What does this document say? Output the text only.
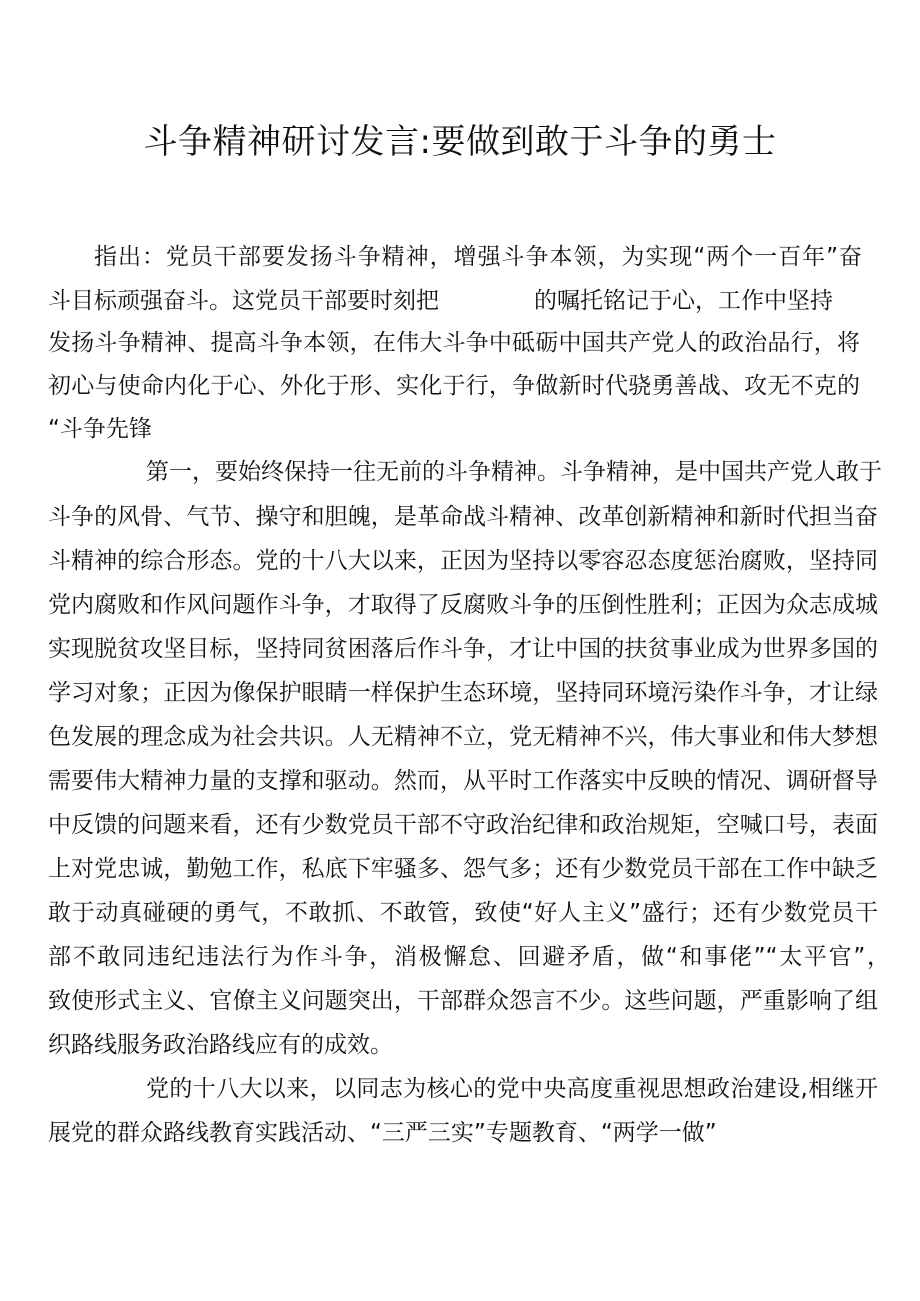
斗争精神研讨发言:要做到敢于斗争的勇士

指出：党员干部要发扬斗争精神，增强斗争本领，为实现“两个一百年”奋

斗目标顽强奋斗。这党员干部要时刻把	的嘱托铭记于心，工作中坚持

发扬斗争精神、提高斗争本领，在伟大斗争中砥砺中国共产党人的政治品行，将

初心与使命内化于心、外化于形、实化于行，争做新时代骁勇善战、攻无不克的

“斗争先锋

第一，要始终保持一往无前的斗争精神。斗争精神，是中国共产党人敢于

斗争的风骨、气节、操守和胆魄，是革命战斗精神、改革创新精神和新时代担当奋

斗精神的综合形态。党的十八大以来，正因为坚持以零容忍态度惩治腐败，坚持同

党内腐败和作风问题作斗争，才取得了反腐败斗争的压倒性胜利；正因为众志成城

实现脱贫攻坚目标，坚持同贫困落后作斗争，才让中国的扶贫事业成为世界多国的

学习对象；正因为像保护眼睛一样保护生态环境，坚持同环境污染作斗争，才让绿

色发展的理念成为社会共识。人无精神不立，党无精神不兴，伟大事业和伟大梦想

需要伟大精神力量的支撑和驱动。然而，从平时工作落实中反映的情况、调研督导

中反馈的问题来看，还有少数党员干部不守政治纪律和政治规矩，空喊口号，表面

上对党忠诚，勤勉工作，私底下牢骚多、怨气多；还有少数党员干部在工作中缺乏

敢于动真碰硬的勇气，不敢抓、不敢管，致使“好人主义”盛行；还有少数党员干

部不敢同违纪违法行为作斗争，消极懈怠、回避矛盾，做“和事佬”“太平官”，

致使形式主义、官僚主义问题突出，干部群众怨言不少。这些问题，严重影响了组

织路线服务政治路线应有的成效。

党的十八大以来，以同志为核心的党中央高度重视思想政治建设,相继开

展党的群众路线教育实践活动、“三严三实”专题教育、“两学一做”
